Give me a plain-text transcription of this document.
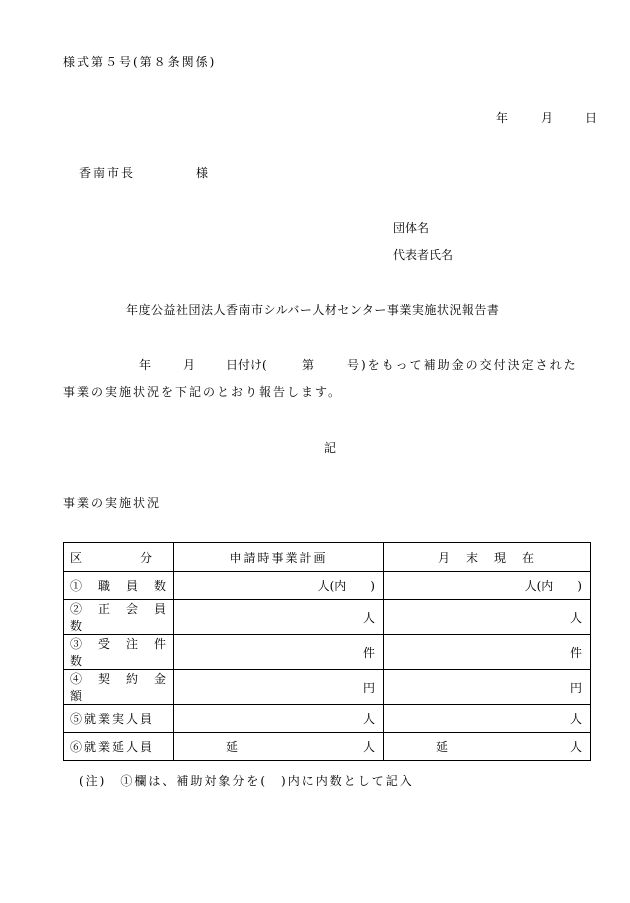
様式第５号(第８条関係)
年	月	日
香南市長	様
団体名
代表者氏名
年度公益社団法人香南市シルバー人材センター事業実施状況報告書
年	月	日付け(	第	号)をもって補助金の交付決定された
事業の実施状況を下記のとおり報告します。
記
事業の実施状況
区　　　　分	申請時事業計画	月　末　現　在
①　職　員　数	人(内　　)	人(内　　)
②　正　会　員　数	人	人
③　受　注　件　数	件	件
④　契　約　金　額	円	円
⑤就業実人員	人	人
⑥就業延人員	延 人	延 人
(注)　①欄は、補助対象分を(　)内に内数として記入
